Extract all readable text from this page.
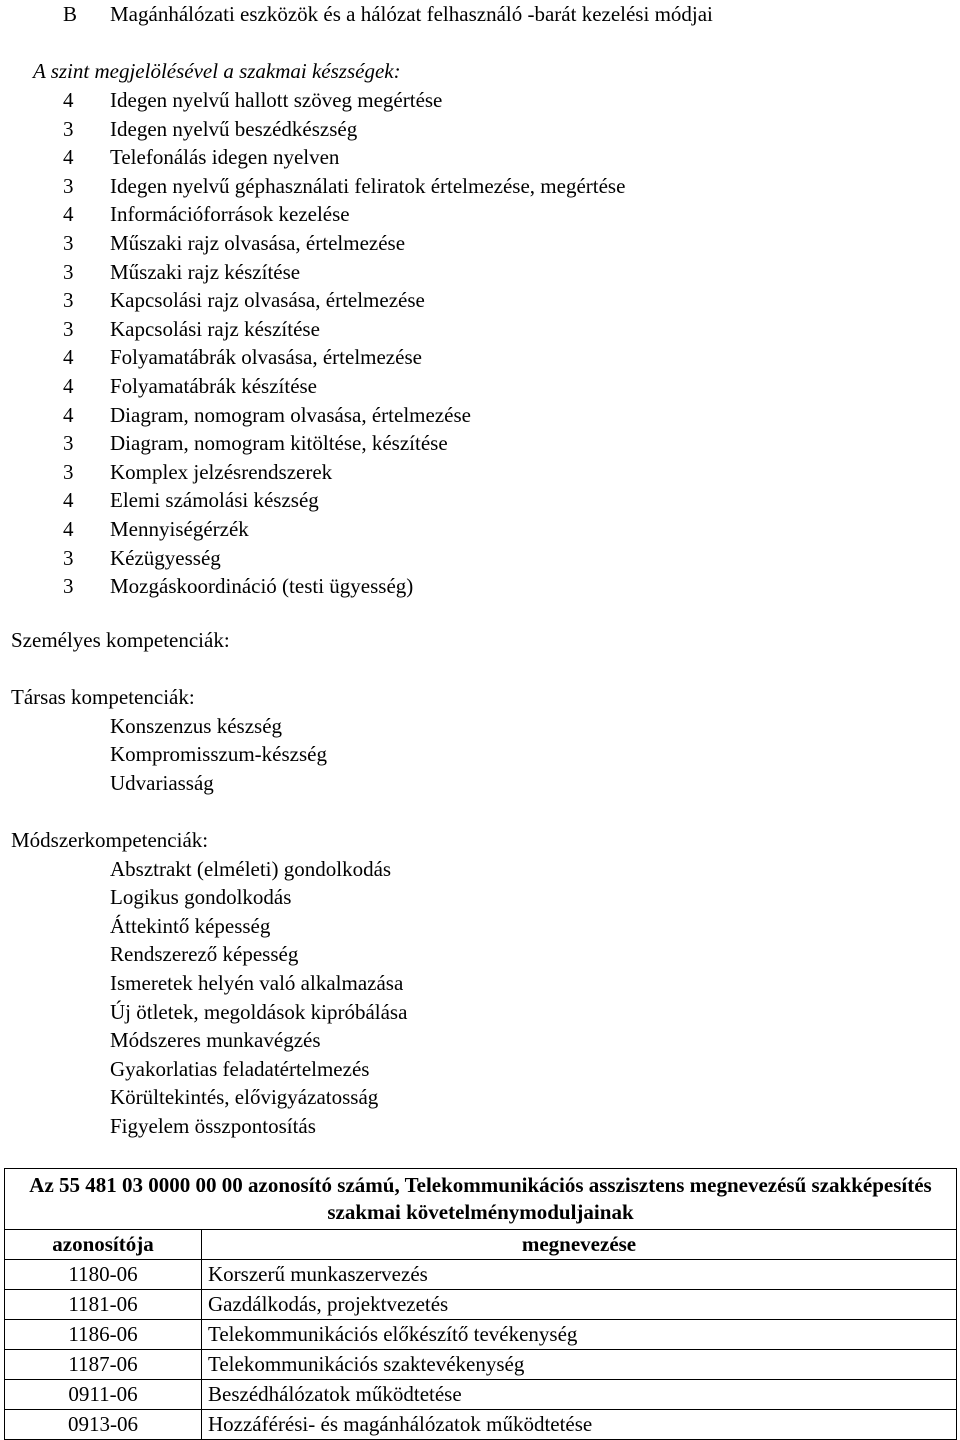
B Magánhálózati eszközök és a hálózat felhasználó -barát kezelési módjai
A szint megjelölésével a szakmai készségek:
4 Idegen nyelvű hallott szöveg megértése
3 Idegen nyelvű beszédkészség
4 Telefonálás idegen nyelven
3 Idegen nyelvű géphasználati feliratok értelmezése, megértése
4 Információforrások kezelése
3 Műszaki rajz olvasása, értelmezése
3 Műszaki rajz készítése
3 Kapcsolási rajz olvasása, értelmezése
3 Kapcsolási rajz készítése
4 Folyamatábrák olvasása, értelmezése
4 Folyamatábrák készítése
4 Diagram, nomogram olvasása, értelmezése
3 Diagram, nomogram kitöltése, készítése
3 Komplex jelzésrendszerek
4 Elemi számolási készség
4 Mennyiségérzék
3 Kézügyesség
3 Mozgáskoordináció (testi ügyesség)
Személyes kompetenciák:
Társas kompetenciák:
Konszenzus készség
Kompromisszum-készség
Udvariasság
Módszerkompetenciák:
Absztrakt (elméleti) gondolkodás
Logikus gondolkodás
Áttekintő képesség
Rendszerező képesség
Ismeretek helyén való alkalmazása
Új ötletek, megoldások kipróbálása
Módszeres munkavégzés
Gyakorlatias feladatértelmezés
Körültekintés, elővigyázatosság
Figyelem összpontosítás
Az 55 481 03 0000 00 00 azonosító számú, Telekommunikációs asszisztens megnevezésű szakképesítés szakmai követelménymoduljainak	
azonosítója	megnevezése
1180-06	Korszerű munkaszervezés
1181-06	Gazdálkodás, projektvezetés
1186-06	Telekommunikációs előkészítő tevékenység
1187-06	Telekommunikációs szaktevékenység
0911-06	Beszédhálózatok működtetése
0913-06	Hozzáférési- és magánhálózatok működtetése
